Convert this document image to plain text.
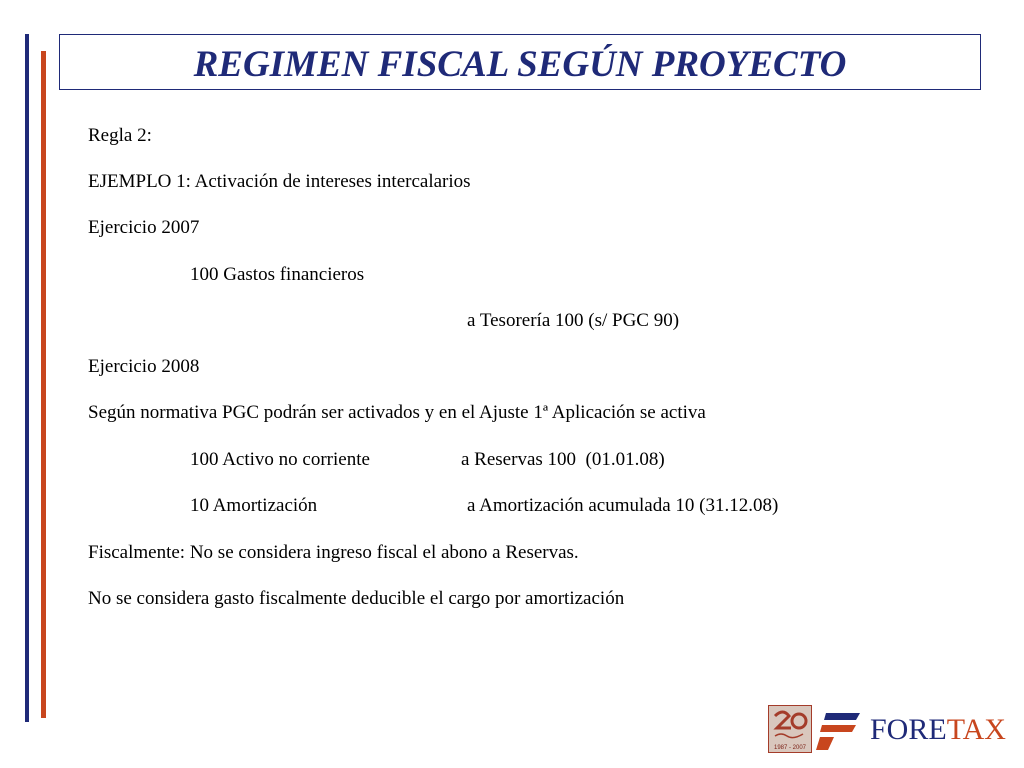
REGIMEN FISCAL SEGÚN PROYECTO
Regla 2:
EJEMPLO 1: Activación de intereses intercalarios
Ejercicio 2007
100 Gastos financieros
a Tesorería 100 (s/ PGC 90)
Ejercicio 2008
Según normativa PGC podrán ser activados y en el Ajuste 1ª Aplicación se activa
100 Activo no corriente	a Reservas 100  (01.01.08)
10 Amortización	a Amortización acumulada 10 (31.12.08)
Fiscalmente: No se considera ingreso fiscal el abono a Reservas.
No se considera gasto fiscalmente deducible el cargo por amortización
1987 - 2007
FORETAX
